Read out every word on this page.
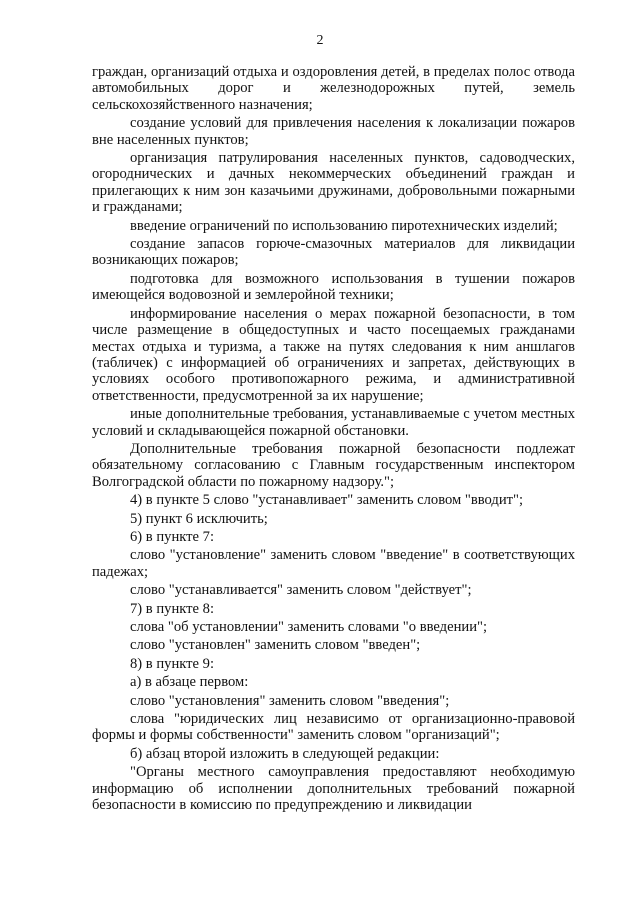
2

граждан, организаций отдыха и оздоровления детей, в пределах полос отвода автомобильных дорог и железнодорожных путей, земель сельскохозяйственного назначения;

создание условий для привлечения населения к локализации пожаров вне населенных пунктов;

организация патрулирования населенных пунктов, садоводческих, огороднических и дачных некоммерческих объединений граждан и прилегающих к ним зон казачьими дружинами, добровольными пожарными и гражданами;

введение ограничений по использованию пиротехнических изделий;

создание запасов горюче-смазочных материалов для ликвидации возникающих пожаров;

подготовка для возможного использования в тушении пожаров имеющейся водовозной и землеройной техники;

информирование населения о мерах пожарной безопасности, в том числе размещение в общедоступных и часто посещаемых гражданами местах отдыха и туризма, а также на путях следования к ним аншлагов (табличек) с информацией об ограничениях и запретах, действующих в условиях особого противопожарного режима, и административной ответственности, предусмотренной за их нарушение;

иные дополнительные требования, устанавливаемые с учетом местных условий и складывающейся пожарной обстановки.

Дополнительные требования пожарной безопасности подлежат обязательному согласованию с Главным государственным инспектором Волгоградской области по пожарному надзору.";

4) в пункте 5 слово "устанавливает" заменить словом "вводит";

5) пункт 6 исключить;

6) в пункте 7:

слово "установление" заменить словом "введение" в соответствующих падежах;

слово "устанавливается" заменить словом "действует";

7) в пункте 8:

слова "об установлении" заменить словами "о введении";

слово "установлен" заменить словом "введен";

8) в пункте 9:

а) в абзаце первом:

слово "установления" заменить словом "введения";

слова "юридических лиц независимо от организационно-правовой формы и формы собственности" заменить словом "организаций";

б) абзац второй изложить в следующей редакции:

"Органы местного самоуправления предоставляют необходимую информацию об исполнении дополнительных требований пожарной безопасности в комиссию по предупреждению и ликвидации
